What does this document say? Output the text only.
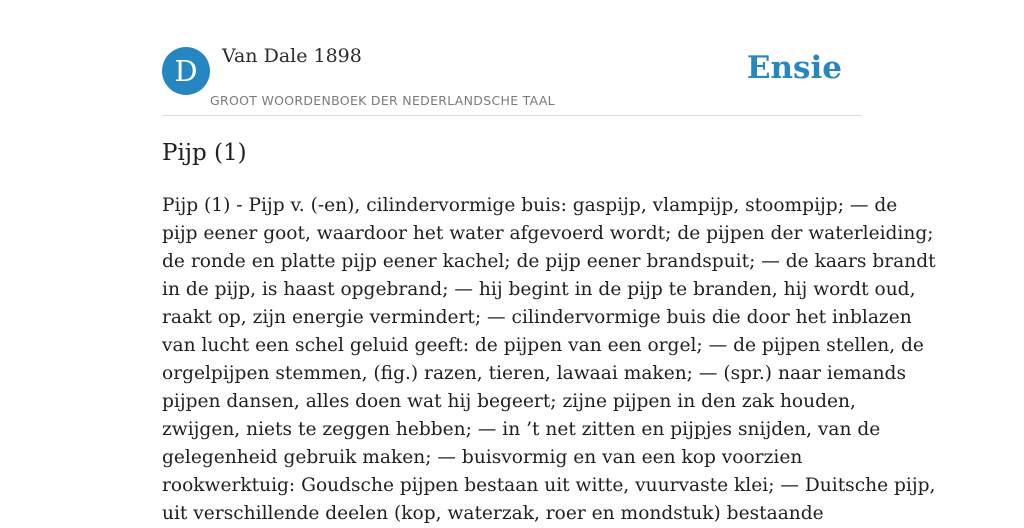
D	Van Dale 1898
GROOT WOORDENBOEK DER NEDERLANDSCHE TAAL
Ensie
Pijp (1)
Pijp (1) - Pijp v. (-en), cilindervormige buis: gaspijp, vlampijp, stoompijp; — de
pijp eener goot, waardoor het water afgevoerd wordt; de pijpen der waterleiding;
de ronde en platte pijp eener kachel; de pijp eener brandspuit; — de kaars brandt
in de pijp, is haast opgebrand; — hij begint in de pijp te branden, hij wordt oud,
raakt op, zijn energie vermindert; — cilindervormige buis die door het inblazen
van lucht een schel geluid geeft: de pijpen van een orgel; — de pijpen stellen, de
orgelpijpen stemmen, (fig.) razen, tieren, lawaai maken; — (spr.) naar iemands
pijpen dansen, alles doen wat hij begeert; zijne pijpen in den zak houden,
zwijgen, niets te zeggen hebben; — in ’t net zitten en pijpjes snijden, van de
gelegenheid gebruik maken; — buisvormig en van een kop voorzien
rookwerktuig: Goudsche pijpen bestaan uit witte, vuurvaste klei; — Duitsche pijp,
uit verschillende deelen (kop, waterzak, roer en mondstuk) bestaande
